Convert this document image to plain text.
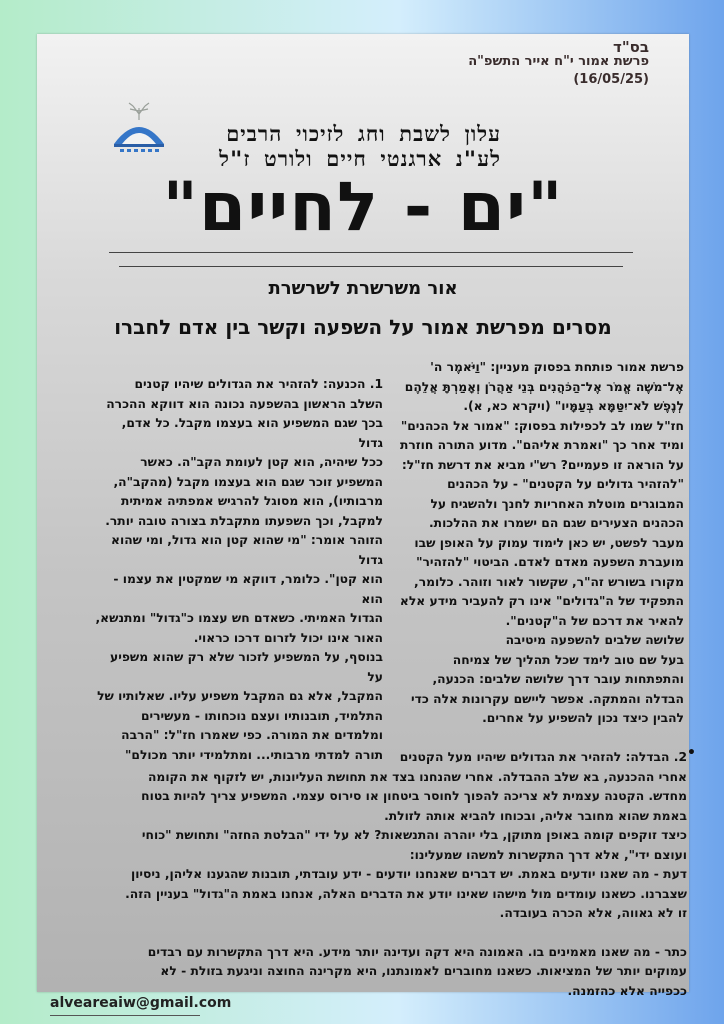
בס"ד
פרשת אמור י"ח אייר התשפ"ה
(16/05/25)
עלון לשבת וחג לזיכוי הרבים
לע"נ ארגנטי חיים ולורט ז"ל
"ים - לחיים"
אור משרשרת לשרשרת
מסרים מפרשת אמור על השפעה וקשר בין אדם לחברו

פרשת אמור פותחת בפסוק מעניין: "וַיֹּאמֶר ה'

אֶל־מֹשֶׁה אֱמֹר אֶל־הַכֹּהֲנִים בְּנֵי אַהֲרֹן וְאָמַרְתָּ אֲלֵהֶם

לְנֶפֶשׁ לֹא־יִטַּמָּא בְּעַמָּיו" (ויקרא כא, א).

חז"ל שמו לב לכפילות בפסוק: "אמור אל הכהנים"

ומיד אחר כך "ואמרת אליהם". מדוע התורה חוזרת

על הוראה זו פעמיים? רש"י מביא את דרשת חז"ל:

"להזהיר גדולים על הקטנים" - על הכהנים

המבוגרים מוטלת האחריות לחנך ולהשגיח על

הכהנים הצעירים שגם הם ישמרו את ההלכות.

מעבר לפשט, יש כאן לימוד עמוק על האופן שבו

מועברת השפעה מאדם לאדם. הביטוי "להזהיר"

מקורו בשורש זה"ר, שקשור לאור וזוהר. כלומר,

התפקיד של ה"גדולים" אינו רק להעביר מידע אלא

להאיר את דרכם של ה"קטנים".

שלושה שלבים להשפעה מיטיבה

בעל שם טוב לימד שכל תהליך של צמיחה

והתפתחות עובר דרך שלושה שלבים: הכנעה,

הבדלה והמתקה. אפשר ליישם עקרונות אלה כדי

להבין כיצד נכון להשפיע על אחרים.

1. הכנעה: להזהיר את הגדולים שיהיו קטנים

השלב הראשון בהשפעה נכונה הוא דווקא ההכרה

בכך שגם המשפיע הוא בעצמו מקבל. כל אדם, גדול

ככל שיהיה, הוא קטן לעומת הקב"ה. כאשר

המשפיע זוכר שגם הוא בעצמו מקבל (מהקב"ה,

מרבותיו), הוא מסוגל להרגיש אמפתיה אמיתית

למקבל, וכך השפעתו מתקבלת בצורה טובה יותר.

הזוהר אומר: "מי שהוא קטן הוא גדול, ומי שהוא גדול

הוא קטן". כלומר, דווקא מי שמקטין את עצמו - הוא

הגדול האמיתי. כשאדם חש עצמו כ"גדול" ומתנשא,

האור אינו יכול לזרום דרכו כראוי.

בנוסף, על המשפיע לזכור שלא רק שהוא משפיע על

המקבל, אלא גם המקבל משפיע עליו. שאלותיו של

התלמיד, תובנותיו ועצם נוכחותו - מעשירים

ומלמדים את המורה. כפי שאמרו חז"ל: "הרבה

תורה למדתי מרבותי... ומתלמידי יותר מכולם"	•

2. הבדלה: להזהיר את הגדולים שיהיו מעל הקטנים

אחרי ההכנעה, בא שלב ההבדלה. אחרי שהנחנו בצד את תחושת העליונות, יש לזקוף את הקומה

מחדש. הקטנה עצמית לא צריכה להפוך לחוסר ביטחון או סירוס עצמי. המשפיע צריך להיות בטוח

באמת שהוא מחובר אליה, ובכוחו להביא אותה לזולת.

כיצד זוקפים קומה באופן מתוקן, בלי יוהרה והתנשאות? לא על ידי "הבלטת החזה" ותחושת "כוחי

ועוצם ידי", אלא דרך התקשרות למשהו שמעלינו:

דעת - מה שאנו יודעים באמת. יש דברים שאנחנו יודעים - ידע עובדתי, תובנות שהגענו אליהן, ניסיון

שצברנו. כשאנו עומדים מול מישהו שאינו יודע את הדברים האלה, אנחנו באמת ה"גדול" בעניין הזה.

זו לא גאווה, אלא הכרה בעובדה.

כתר - מה שאנו מאמינים בו. האמונה היא דקה ועדינה יותר מידע. היא דרך התקשרות עם רבדים

עמוקים יותר של המציאות. כשאנו מחוברים לאמונתנו, היא מקרינה החוצה וניגעת בזולת - לא

ככפייה אלא כהזמנה.

alveareaiw@gmail.com
